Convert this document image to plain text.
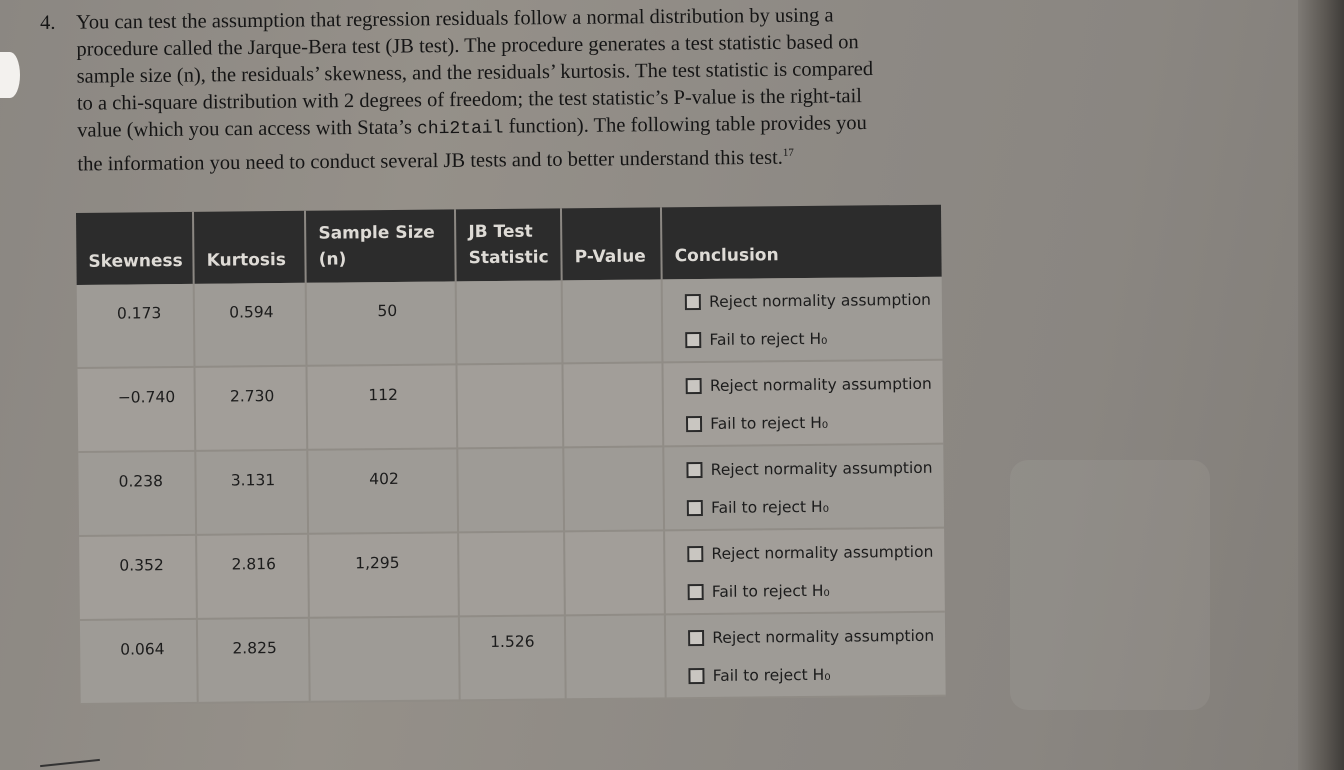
4. You can test the assumption that regression residuals follow a normal distribution by using a
procedure called the Jarque-Bera test (JB test). The procedure generates a test statistic based on
sample size (n), the residuals’ skewness, and the residuals’ kurtosis. The test statistic is compared
to a chi-square distribution with 2 degrees of freedom; the test statistic’s P-value is the right-tail
value (which you can access with Stata’s chi2tail function). The following table provides you
the information you need to conduct several JB tests and to better understand this test.$^{17}$
Skewness	Kurtosis	Sample Size (n)	JB Test Statistic	P-Value	Conclusion

0.173	0.594	50			Reject normality assumption
Fail to reject H₀

−0.740	2.730	112			Reject normality assumption
Fail to reject H₀

0.238	3.131	402			Reject normality assumption
Fail to reject H₀

0.352	2.816	1,295			Reject normality assumption
Fail to reject H₀

0.064	2.825		1.526		Reject normality assumption
Fail to reject H₀
